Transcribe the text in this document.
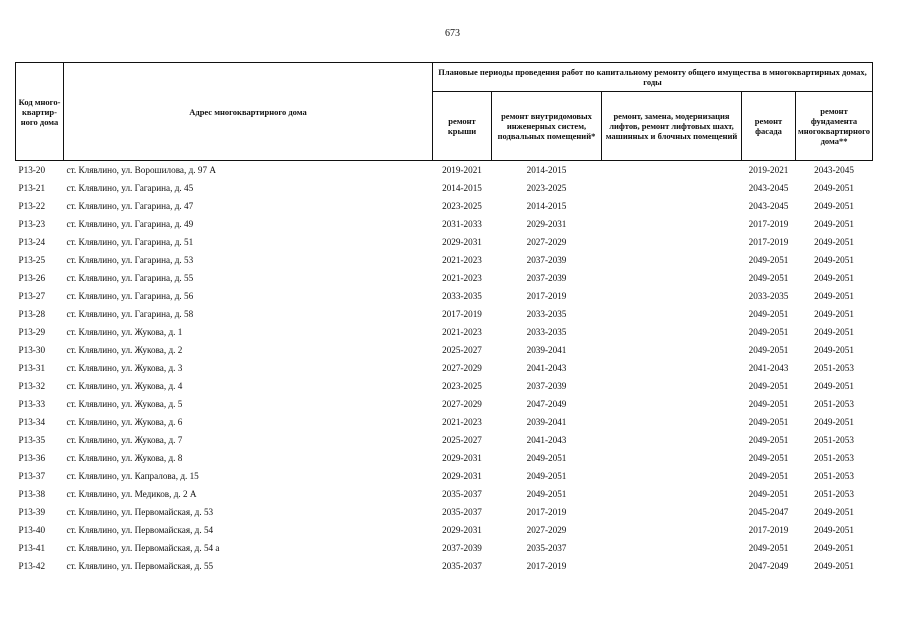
673
Код много-квартир-ного дома	Адрес многоквартирного дома	Плановые периоды проведения работ по капитальному ремонту общего имущества в многоквартирных домах, годы				
		ремонт крыши	ремонт внутридомовых инженерных систем, подвальных помещений*	ремонт, замена, модернизация лифтов, ремонт лифтовых шахт, машинных и блочных помещений	ремонт фасада	ремонт фундамента многоквартирного дома**
Р13-20	ст. Клявлино, ул. Ворошилова, д. 97 А	2019-2021	2014-2015		2019-2021	2043-2045
Р13-21	ст. Клявлино, ул. Гагарина, д. 45	2014-2015	2023-2025		2043-2045	2049-2051
Р13-22	ст. Клявлино, ул. Гагарина, д. 47	2023-2025	2014-2015		2043-2045	2049-2051
Р13-23	ст. Клявлино, ул. Гагарина, д. 49	2031-2033	2029-2031		2017-2019	2049-2051
Р13-24	ст. Клявлино, ул. Гагарина, д. 51	2029-2031	2027-2029		2017-2019	2049-2051
Р13-25	ст. Клявлино, ул. Гагарина, д. 53	2021-2023	2037-2039		2049-2051	2049-2051
Р13-26	ст. Клявлино, ул. Гагарина, д. 55	2021-2023	2037-2039		2049-2051	2049-2051
Р13-27	ст. Клявлино, ул. Гагарина, д. 56	2033-2035	2017-2019		2033-2035	2049-2051
Р13-28	ст. Клявлино, ул. Гагарина, д. 58	2017-2019	2033-2035		2049-2051	2049-2051
Р13-29	ст. Клявлино, ул. Жукова, д. 1	2021-2023	2033-2035		2049-2051	2049-2051
Р13-30	ст. Клявлино, ул. Жукова, д. 2	2025-2027	2039-2041		2049-2051	2049-2051
Р13-31	ст. Клявлино, ул. Жукова, д. 3	2027-2029	2041-2043		2041-2043	2051-2053
Р13-32	ст. Клявлино, ул. Жукова, д. 4	2023-2025	2037-2039		2049-2051	2049-2051
Р13-33	ст. Клявлино, ул. Жукова, д. 5	2027-2029	2047-2049		2049-2051	2051-2053
Р13-34	ст. Клявлино, ул. Жукова, д. 6	2021-2023	2039-2041		2049-2051	2049-2051
Р13-35	ст. Клявлино, ул. Жукова, д. 7	2025-2027	2041-2043		2049-2051	2051-2053
Р13-36	ст. Клявлино, ул. Жукова, д. 8	2029-2031	2049-2051		2049-2051	2051-2053
Р13-37	ст. Клявлино, ул. Капралова, д. 15	2029-2031	2049-2051		2049-2051	2051-2053
Р13-38	ст. Клявлино, ул. Медиков, д. 2 А	2035-2037	2049-2051		2049-2051	2051-2053
Р13-39	ст. Клявлино, ул. Первомайская, д. 53	2035-2037	2017-2019		2045-2047	2049-2051
Р13-40	ст. Клявлино, ул. Первомайская, д. 54	2029-2031	2027-2029		2017-2019	2049-2051
Р13-41	ст. Клявлино, ул. Первомайская, д. 54 а	2037-2039	2035-2037		2049-2051	2049-2051
Р13-42	ст. Клявлино, ул. Первомайская, д. 55	2035-2037	2017-2019		2047-2049	2049-2051
